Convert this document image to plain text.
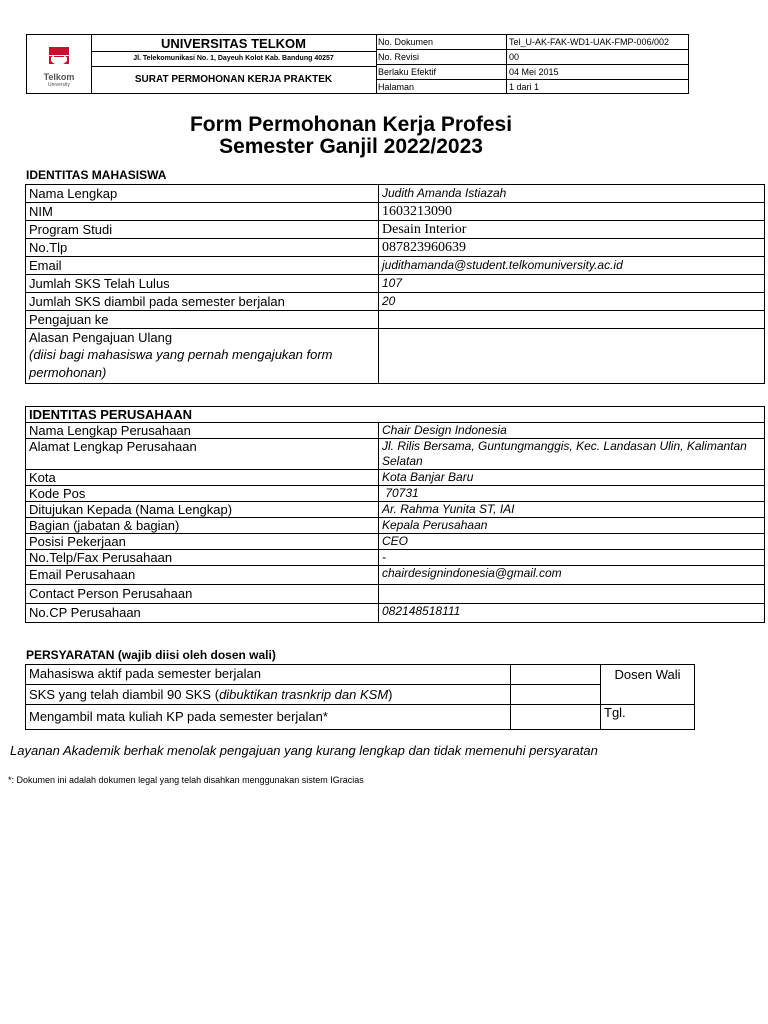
Telkom
University
UNIVERSITAS TELKOM
Jl. Telekomunikasi No. 1, Dayeuh Kolot Kab. Bandung 40257
SURAT PERMOHONAN KERJA PRAKTEK
No. Dokumen	Tel_U-AK-FAK-WD1-UAK-FMP-006/002
No. Revisi	00
Berlaku Efektif	04 Mei 2015
Halaman	1 dari 1
Form Permohonan Kerja Profesi
Semester Ganjil 2022/2023
IDENTITAS MAHASISWA
Nama Lengkap	Judith Amanda Istiazah
NIM	1603213090
Program Studi	Desain Interior
No.Tlp	087823960639
Email	judithamanda@student.telkomuniversity.ac.id
Jumlah SKS Telah Lulus	107
Jumlah SKS diambil pada semester berjalan	20
Pengajuan ke	

Alasan Pengajuan Ulang
(diisi bagi mahasiswa yang pernah mengajukan form permohonan)	

IDENTITAS PERUSAHAAN	
Nama Lengkap Perusahaan	Chair Design Indonesia
Alamat Lengkap Perusahaan	Jl. Rilis Bersama, Guntungmanggis, Kec. Landasan Ulin, Kalimantan Selatan
Kota	Kota Banjar Baru
Kode Pos	70731
Ditujukan Kepada (Nama Lengkap)	Ar. Rahma Yunita ST, IAI
Bagian (jabatan & bagian)	Kepala Perusahaan
Posisi Pekerjaan	CEO
No.Telp/Fax Perusahaan	-
Email Perusahaan	chairdesignindonesia@gmail.com
Contact Person Perusahaan	
No.CP Perusahaan	082148518111
PERSYARATAN (wajib diisi oleh dosen wali)
Mahasiswa aktif pada semester berjalan		Dosen Wali
SKS yang telah diambil 90 SKS (dibuktikan trasnkrip dan KSM)		
Mengambil mata kuliah KP pada semester berjalan*		Tgl.
Layanan Akademik berhak menolak pengajuan yang kurang lengkap dan tidak memenuhi persyaratan
*: Dokumen ini adalah dokumen legal yang telah disahkan menggunakan sistem IGracias
